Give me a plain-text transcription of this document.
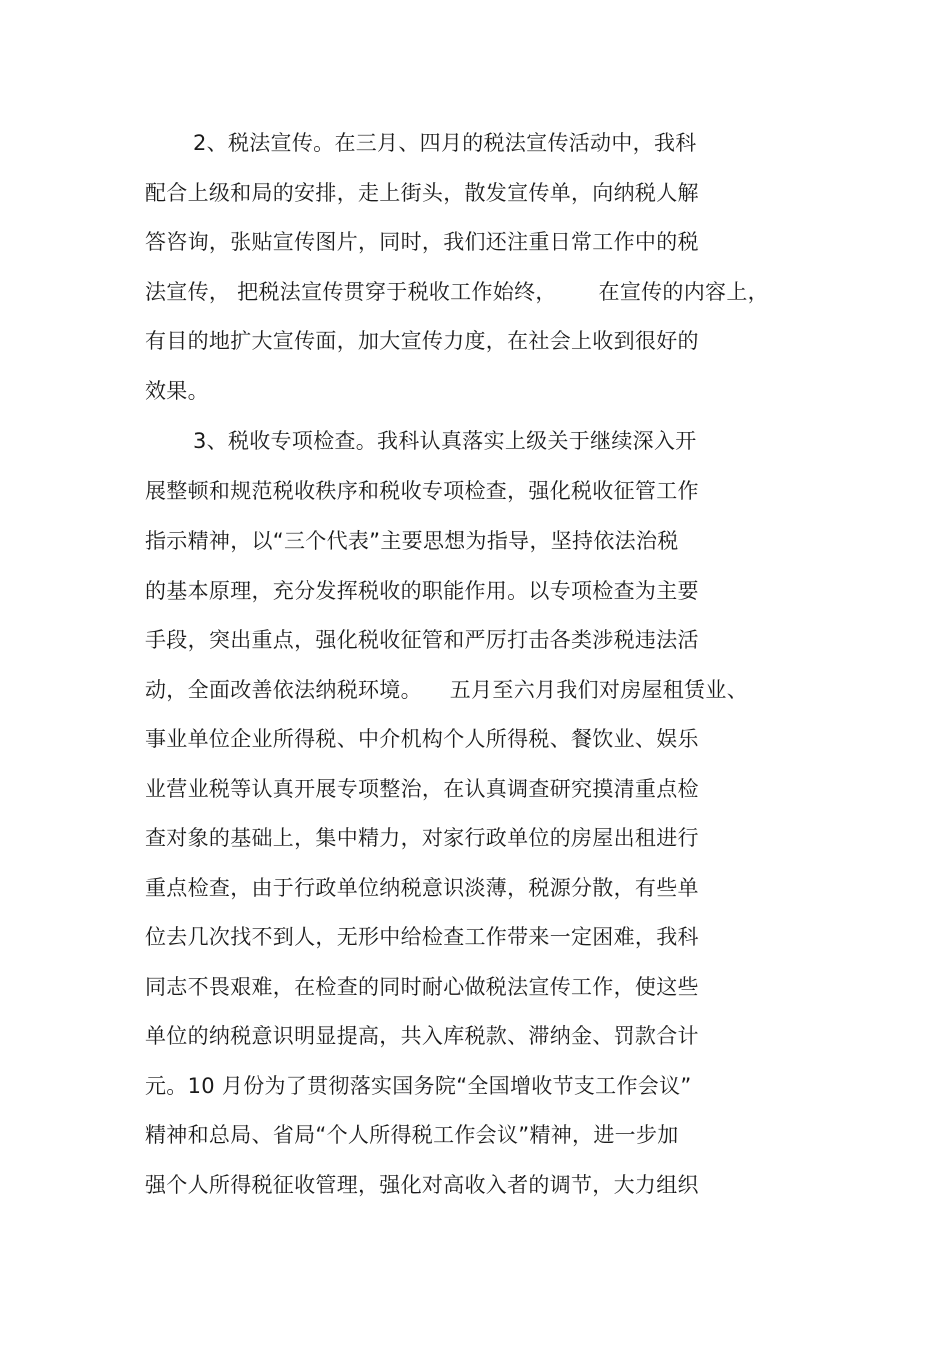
2、税法宣传。在三月、四月的税法宣传活动中，我科
配合上级和局的安排，走上街头，散发宣传单，向纳税人解
答咨询，张贴宣传图片，同时，我们还注重日常工作中的税
法宣传， 把税法宣传贯穿于税收工作始终，      在宣传的内容上，
有目的地扩大宣传面，加大宣传力度，在社会上收到很好的
效果。
3、税收专项检查。我科认真落实上级关于继续深入开
展整顿和规范税收秩序和税收专项检查，强化税收征管工作
指示精神，以“三个代表”主要思想为指导，坚持依法治税
的基本原理，充分发挥税收的职能作用。以专项检查为主要
手段，突出重点，强化税收征管和严厉打击各类涉税违法活
动，全面改善依法纳税环境。    五月至六月我们对房屋租赁业、
事业单位企业所得税、中介机构个人所得税、餐饮业、娱乐
业营业税等认真开展专项整治，在认真调查研究摸清重点检
查对象的基础上，集中精力，对家行政单位的房屋出租进行
重点检查，由于行政单位纳税意识淡薄，税源分散，有些单
位去几次找不到人，无形中给检查工作带来一定困难，我科
同志不畏艰难，在检查的同时耐心做税法宣传工作，使这些
单位的纳税意识明显提高，共入库税款、滞纳金、罚款合计
元。10 月份为了贯彻落实国务院“全国增收节支工作会议”
精神和总局、省局“个人所得税工作会议”精神，进一步加
强个人所得税征收管理，强化对高收入者的调节，大力组织
